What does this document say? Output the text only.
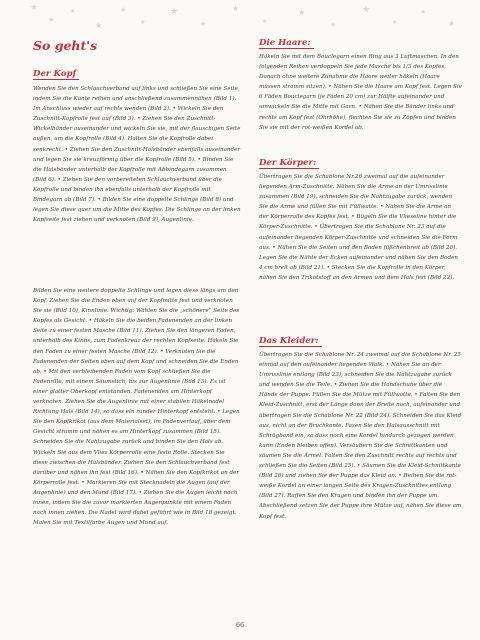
★
★
★
★
★
★
★
★
★
★
★
★
★
★
★
★
So geht's
Der Kopf

Wenden Sie den Schlauchverband auf links und schließen Sie eine Seite, indem Sie die Kante reihen und anschließend zusammennähen (Bild 1). Im Anschluss wieder auf rechts wenden (Bild 2). • Wickeln Sie den Zuschnitt-Kopfrolle fest auf (Bild 3). • Ziehen Sie den Zuschnitt-Wickelbänder auseinander und wickeln Sie sie, mit der flauschigen Seite außen, um die Kopfrolle (Bild 4). Halten Sie die Kopfrolle dabei senkrecht. • Ziehen Sie den Zuschnitt-Halsbänder ebenfalls auseinander und legen Sie sie kreuzförmig über die Kopfrolle (Bild 5). • Binden Sie die Halsbänder unterhalb der Kopfrolle mit Abbindegarn zusammen (Bild 6). • Ziehen Sie den vorbereiteten Schlauchverband über die Kopfrolle und binden ihn ebenfalls unterhalb der Kopfrolle mit Bindegarn ab (Bild 7). • Bilden Sie eine doppelte Schlinge (Bild 8) und legen Sie diese quer um die Mitte des Kopfes. Die Schlinge an der linken Kopfseite fest ziehen und verknoten (Bild 9), Augenlinie.

Bilden Sie eine weitere doppelte Schlinge und legen diese längs um den Kopf. Ziehen Sie die Enden oben auf der Kopfmitte fest und verknoten Sie sie (Bild 10), Kinnlinie. Wichtig: Wählen Sie die „schönere“ Seite des Kopfes als Gesicht. • Häkeln Sie die beiden Fadenenden an der linken Seite zu einer festen Masche (Bild 11). Ziehen Sie den längeren Faden, unterhalb des Kinns, zum Fadenkreuz der rechten Kopfseite. Häkeln Sie den Faden zu einer festen Masche (Bild 12). • Verknoten Sie die Fadenenden der Seiten oben auf dem Kopf und schneiden Sie die Enden ab. • Mit den verbleibenden Faden vom Kopf schließen Sie die Fadenrille, mit einem Saumstich, bis zur Augenlinie (Bild 13). Es ist einer glatter Oberkopf entstanden. Fadenenden am Hinterkopf verknoten. Ziehen Sie die Augenlinie mit einer stabilen Häkelnadel Richtung Hals (Bild 14), so dass ein runder Hinterkopf entsteht. • Legen Sie den Kopfkrikot (aus dem Materialset), im Fadenverlauf, über dem Gesicht stramm und nähen es am Hinterkopf zusammen (Bild 15). Schneiden Sie die Nahtzugabe zurück und binden Sie den Hals ab. Wickeln Sie aus dem Vlies Körperrolle eine feste Rolle. Stecken Sie diese zwischen die Halsbänder. Ziehen Sie den Schlauchverband fest darüber und nähen ihn fest (Bild 16). • Nähen Sie den Kopfkrikot an der Körperrolle fest. • Markieren Sie mit Stecknadeln die Augen (auf der Augenlinie) und den Mund (Bild 17). • Ziehen Sie die Augen leicht nach innen, indem Sie die zuvor markierten Augenpunkte mit einem Faden nach innen ziehen. Die Nadel wird dabei geführt wie in Bild 18 gezeigt. Malen Sie mit Textilfarbe Augen und Mund auf.

Die Haare:

Häkeln Sie mit dem Bouclegarn einen Ring aus 3 Luftmaschen. In den folgenden Reihen verdoppeln Sie jede Masche bis 1/3 des Kopfes. Danach ohne weitere Zunahme die Haare weiter häkeln (Haare müssen stramm sitzen). • Nähen Sie die Haare am Kopf fest. Legen Sie 6 Fäden Bouclegarn (je Faden 20 cm) zur Hälfte aufeinander und umwickeln Sie die Mitte mit Garn. • Nähen Sie die Bänder links und rechts am Kopf fest (Ohrhöhe), flechten Sie sie zu Zöpfen und binden Sie sie mit der rot-weißen Kordel ab.

Der Körper:

Übertragen Sie die Schablone Nr.26 zweimal auf die aufeinander liegenden Arm-Zuschnitte. Nähen Sie die Arme an der Umrisslinie zusammen (Bild 19), schneiden Sie die Nahtzugabe zurück, wenden Sie die Arme und füllen Sie mit Füllwatte. • Nähen Sie die Arme an der Körperrolle des Kopfes fest. • Bügeln Sie die Vlieseline hinter die Körper-Zuschnitte. • Übertragen Sie die Schablone Nr. 23 auf die aufeinander liegenden Körper-Zuschnitte und schneiden Sie die Form aus. • Nähen Sie die Seiten und den Boden füßchenbreit ab (Bild 20). Legen Sie die Nähte der Ecken aufeinander und nähen Sie den Boden 4 cm breit ab (Bild 21). • Stecken Sie die Kopfrolle in den Körper, nähen Sie den Trikotstoff an den Armen und dem Hals fest (Bild 22).

Das Kleider:

Übertragen Sie die Schablone Nr. 24 zweimal auf die Schablone Nr. 25 einmal auf den aufeinander liegenden Walk. • Nähen Sie an der Umrisslinie entlang (Bild 23), schneiden Sie die Nahtzugabe zurück und wenden Sie die Teile. • Ziehen Sie die Handschuhe über die Hände der Puppe. Füllen Sie die Mütze mit Füllwatte. • Falten Sie den Kleid-Zuschnitt, erst der Länge dann der Breite nach, aufeinander und übertragen Sie die Schablone Nr. 22 (Bild 24). Schneiden Sie das Kleid aus, nicht an der Bruchkante. Fasen Sie den Halsausschnitt mit Schrägband ein, so dass noch eine Kordel hindurch gezogen werden kann (Enden bleiben offen). Versäubern Sie die Schnittkanten und säumen Sie die Ärmel. Falten Sie den Zuschnitt rechts auf rechts und schließen Sie die Seiten (Bild 25). • Säumen Sie die Kleid-Schnittkante (Bild 26) und ziehen Sie der Puppe das Kleid an. • Reihen Sie die rot-weiße Kordel an einer langen Seite des Kragen-Zuschnittes entlang (Bild 27). Raffen Sie den Kragen und binden ihn der Puppe um. Abschließend setzen Sie der Puppe ihre Mütze auf, nähen Sie diese am Kopf fest.

66
